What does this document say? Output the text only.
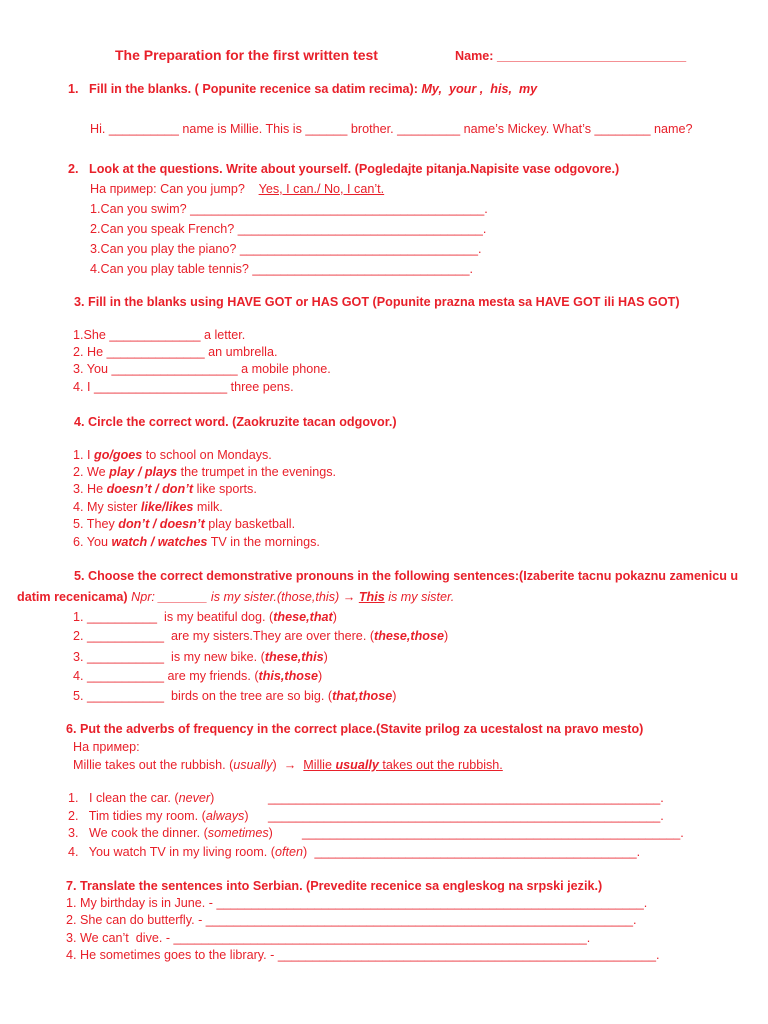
The Preparation for the first written test	Name: ___________________________
1.   Fill in the blanks. ( Popunite recenice sa datim recima): My,  your ,  his,  my
Hi. __________ name is Millie. This is ______ brother. _________ name’s Mickey. What’s ________ name?
2.   Look at the questions. Write about yourself. (Pogledajte pitanja.Napisite vase odgovore.)
На пример: Can you jump?    Yes, I can./ No, I can’t.
1.Can you swim? __________________________________________.
2.Can you speak French? ___________________________________.
3.Can you play the piano? __________________________________.
4.Can you play table tennis? _______________________________.
3. Fill in the blanks using HAVE GOT or HAS GOT (Popunite prazna mesta sa HAVE GOT ili HAS GOT)
1.She _____________ a letter.
2. He ______________ an umbrella.
3. You __________________ a mobile phone.
4. I ___________________ three pens.
4. Circle the correct word. (Zaokruzite tacan odgovor.)
1. I go/goes to school on Mondays.
2. We play / plays the trumpet in the evenings.
3. He doesn’t / don’t like sports.
4. My sister like/likes milk.
5. They don’t / doesn’t play basketball.
6. You watch / watches TV in the mornings.
5. Choose the correct demonstrative pronouns in the following sentences:(Izaberite tacnu pokaznu zamenicu u
datim recenicama) Npr: _______ is my sister.(those,this) → This is my sister.
1. __________  is my beatiful dog. (these,that)
2. ___________  are my sisters.They are over there. (these,those)
3. ___________  is my new bike. (these,this)
4. ___________ are my friends. (this,those)
5. ___________  birds on the tree are so big. (that,those)
6. Put the adverbs of frequency in the correct place.(Stavite prilog za ucestalost na pravo mesto)
На пример:
Millie takes out the rubbish. (usually)  →  Millie usually takes out the rubbish.
1.   I clean the car. (never)	________________________________________________________.
2.   Tim tidies my room. (always) ________________________________________________________.
3.   We cook the dinner. (sometimes) ______________________________________________________.
4.   You watch TV in my living room. (often) ______________________________________________.
7. Translate the sentences into Serbian. (Prevedite recenice sa engleskog na srpski jezik.)
1. My birthday is in June. - _____________________________________________________________.
2. She can do butterfly. - _____________________________________________________________.
3. We can’t  dive. - ___________________________________________________________.
4. He sometimes goes to the library. - ______________________________________________________.
